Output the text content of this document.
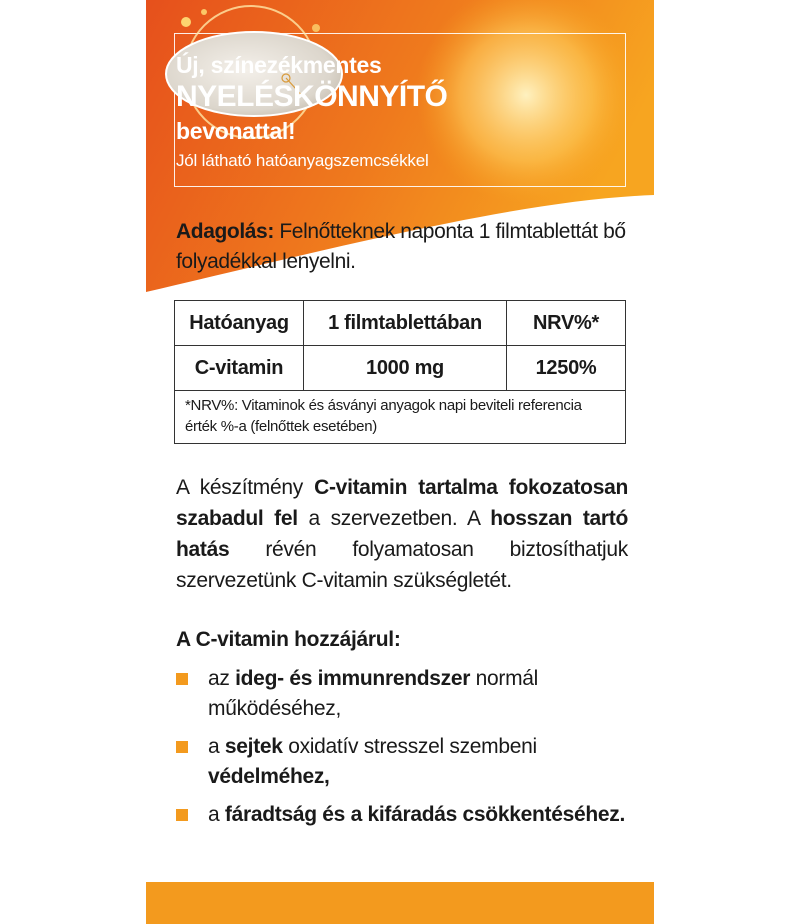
Új, színezékmentes
NYELÉSKÖNNYÍTŐ
bevonattal!
Jól látható hatóanyagszemcsékkel
Adagolás: Felnőtteknek naponta 1 filmtablettát bő folyadékkal lenyelni.
Hatóanyag	1 filmtablettában	NRV%*
C-vitamin	1000 mg	1250%
*NRV%: Vitaminok és ásványi anyagok napi beviteli referencia érték %-a (felnőttek esetében)		
A készítmény C-vitamin tartalma fokozatosan szabadul fel a szervezetben. A hosszan tartó hatás révén folyamatosan biztosíthatjuk szervezetünk C-vitamin szükségletét.
A C-vitamin hozzájárul:
az ideg- és immunrendszer normál működéséhez,
a sejtek oxidatív stresszel szembeni védelméhez,
a fáradtság és a kifáradás csökkentéséhez.
